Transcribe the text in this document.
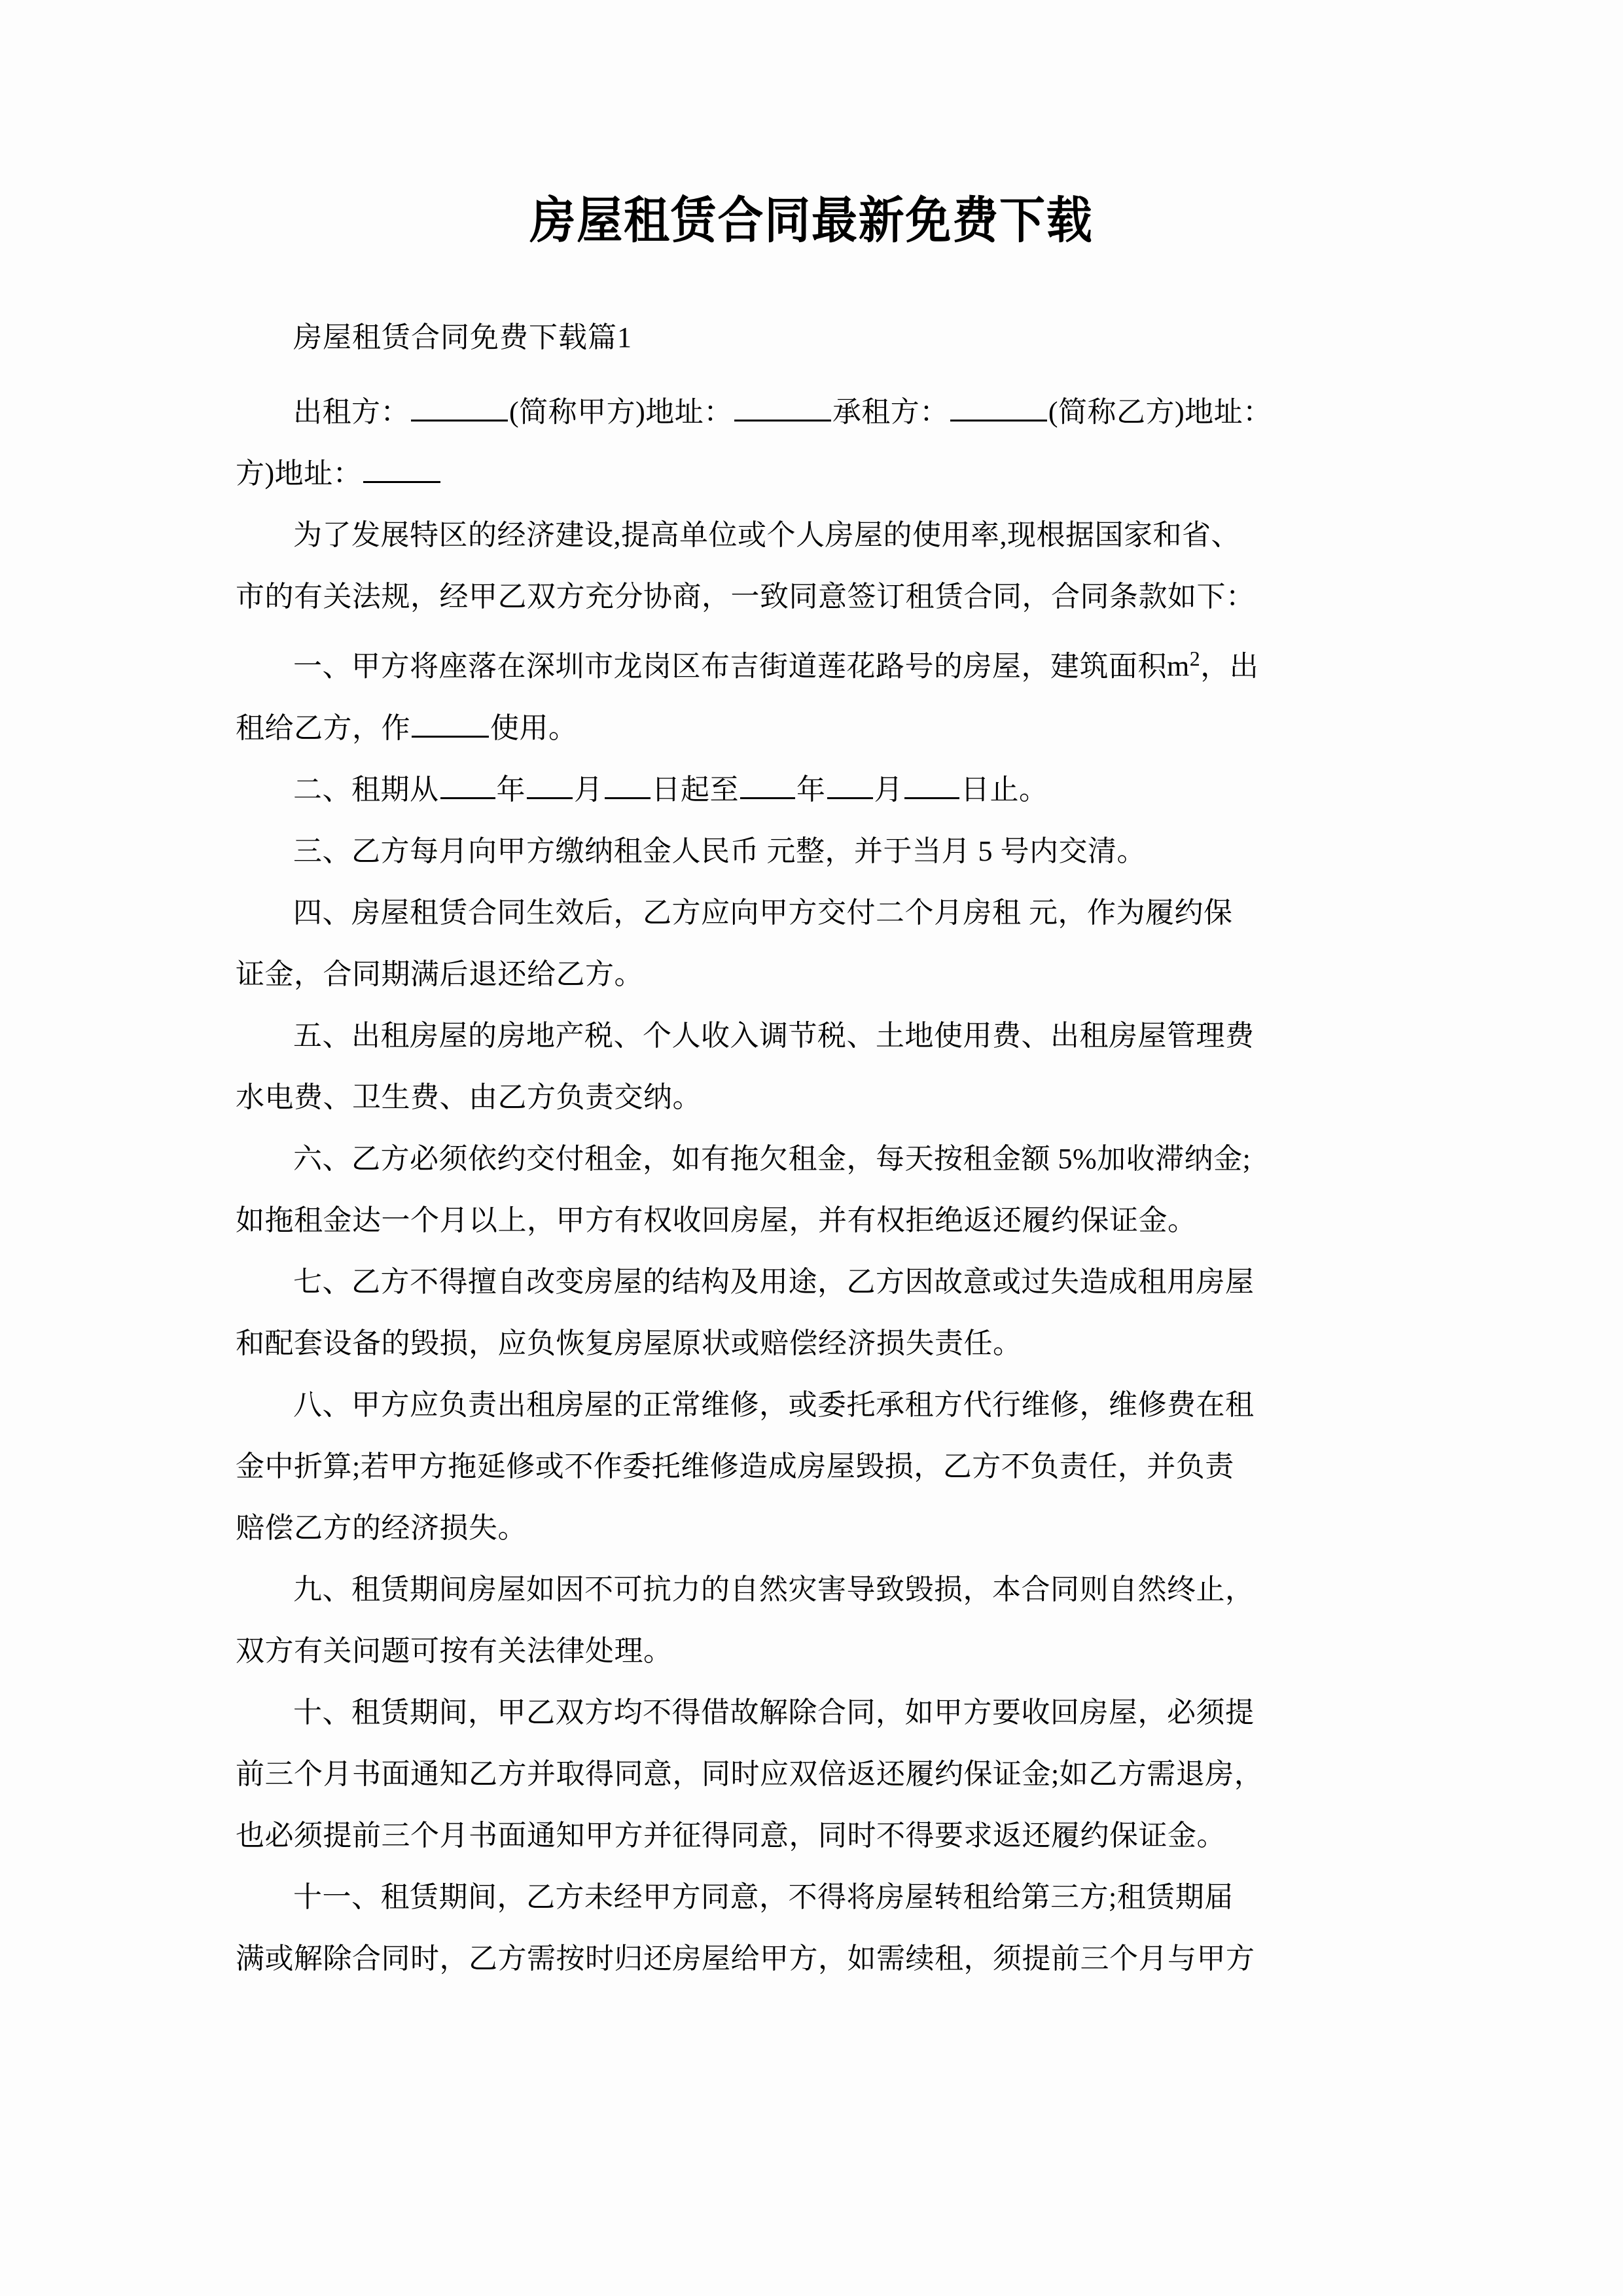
房屋租赁合同最新免费下载

房屋租赁合同免费下载篇1

出租方：	(简称甲方)地址：	承租方：	(简称乙方)地址：

方)地址：

为了发展特区的经济建设,提高单位或个人房屋的使用率,现根据国家和省、

市的有关法规，经甲乙双方充分协商，一致同意签订租赁合同，合同条款如下：

一、甲方将座落在深圳市龙岗区布吉街道莲花路号的房屋，建筑面积$m^2$，出

租给乙方，作	使用。

二、租期从 年 月 日起至 年 月 日止。

三、乙方每月向甲方缴纳租金人民币 元整，并于当月 5 号内交清。

四、房屋租赁合同生效后，乙方应向甲方交付二个月房租 元，作为履约保

证金，合同期满后退还给乙方。

五、出租房屋的房地产税、个人收入调节税、土地使用费、出租房屋管理费

水电费、卫生费、由乙方负责交纳。

六、乙方必须依约交付租金，如有拖欠租金，每天按租金额 5%加收滞纳金;

如拖租金达一个月以上，甲方有权收回房屋，并有权拒绝返还履约保证金。

七、乙方不得擅自改变房屋的结构及用途，乙方因故意或过失造成租用房屋

和配套设备的毁损，应负恢复房屋原状或赔偿经济损失责任。

八、甲方应负责出租房屋的正常维修，或委托承租方代行维修，维修费在租

金中折算;若甲方拖延修或不作委托维修造成房屋毁损，乙方不负责任，并负责

赔偿乙方的经济损失。

九、租赁期间房屋如因不可抗力的自然灾害导致毁损，本合同则自然终止，

双方有关问题可按有关法律处理。

十、租赁期间，甲乙双方均不得借故解除合同，如甲方要收回房屋，必须提

前三个月书面通知乙方并取得同意，同时应双倍返还履约保证金;如乙方需退房，

也必须提前三个月书面通知甲方并征得同意，同时不得要求返还履约保证金。

十一、租赁期间，乙方未经甲方同意，不得将房屋转租给第三方;租赁期届

满或解除合同时，乙方需按时归还房屋给甲方，如需续租，须提前三个月与甲方
